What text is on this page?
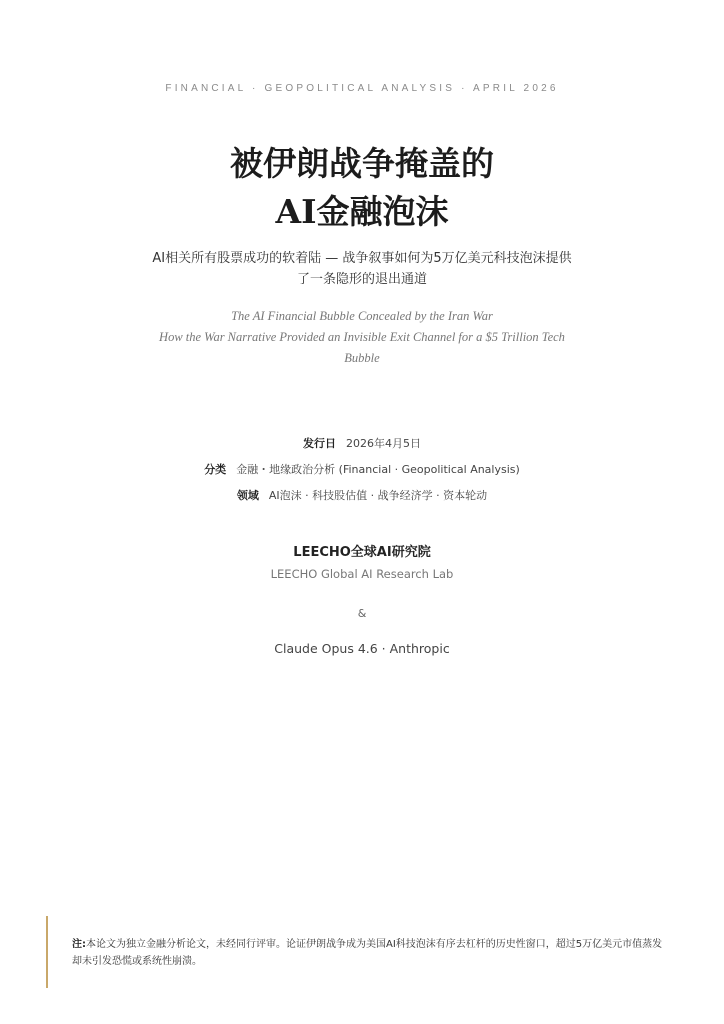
FINANCIAL · GEOPOLITICAL ANALYSIS · APRIL 2026
被伊朗战争掩盖的
AI金融泡沫
AI相关所有股票成功的软着陆 — 战争叙事如何为5万亿美元科技泡沫提供
了一条隐形的退出通道
The AI Financial Bubble Concealed by the Iran War
How the War Narrative Provided an Invisible Exit Channel for a $5 Trillion Tech
Bubble
发行日 2026年4月5日
分类 金融・地缘政治分析 (Financial · Geopolitical Analysis)
领域 AI泡沫 · 科技股估值 · 战争经济学 · 资本轮动
LEECHO全球AI研究院
LEECHO Global AI Research Lab
&
Claude Opus 4.6 · Anthropic
注:本论文为独立金融分析论文，未经同行评审。论证伊朗战争成为美国AI科技泡沫有序去杠杆的历史性窗口，超过5万亿美元市值蒸发却未引发恐慌或系统性崩溃。
